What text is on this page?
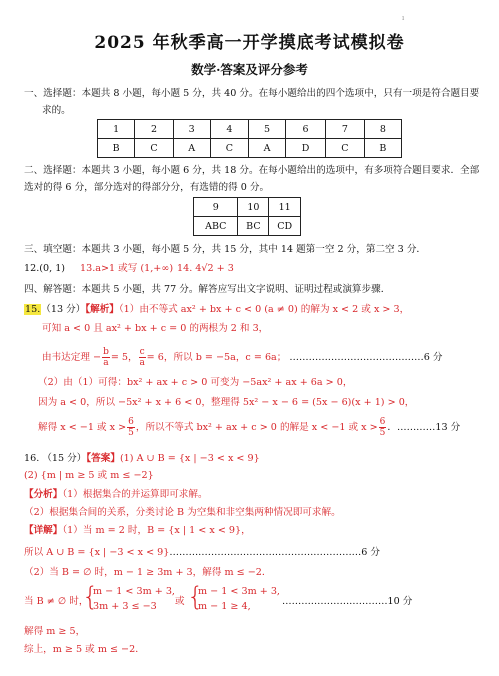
ı
2025 年秋季高一开学摸底考试模拟卷
数学·答案及评分参考
一、选择题：本题共 8 小题，每小题 5 分，共 40 分。在每小题给出的四个选项中，只有一项是符合题目要
求的。
1	2	3	4	5	6	7	8
B	C	A	C	A	D	C	B
二、选择题：本题共 3 小题，每小题 6 分，共 18 分。在每小题给出的选项中，有多项符合题目要求．全部
选对的得 6 分，部分选对的得部分分，有选错的得 0 分。
9	10	11
ABC	BC	CD
三、填空题：本题共 3 小题，每小题 5 分，共 15 分，其中 14 题第一空 2 分，第二空 3 分．
12.(0, 1) 13.a>1 或写 (1,+∞) 14. 4√2 + 3
四、解答题：本题共 5 小题，共 77 分。解答应写出文字说明、证明过程或演算步骤．
15.（13 分）【解析】（1）由不等式 ax² + bx + c < 0 (a ≠ 0) 的解为 x < 2 或 x > 3，
可知 a < 0 且 ax² + bx + c = 0 的两根为 2 和 3，
由韦达定理 − $\frac{b}{a} = 5$， $\frac{c}{a} = 6$，所以 b = −5a，c = 6a； ……………………………………6 分
（2）由（1）可得：bx² + ax + c > 0 可变为 −5ax² + ax + 6a > 0，
因为 a < 0，所以 −5x² + x + 6 < 0，整理得 5x² − x − 6 = (5x − 6)(x + 1) > 0，
解得 x < −1 或 $x > \frac{6}{5}$ ，所以不等式 bx² + ax + c > 0 的解是 x < −1 或 $x > \frac{6}{5}$ ．…………13 分
16. （15 分）【答案】(1) A ∪ B = {x | −3 < x < 9}
(2) {m | m ≥ 5 或 m ≤ −2}
【分析】（1）根据集合的并运算即可求解。
（2）根据集合间的关系，分类讨论 B 为空集和非空集两种情况即可求解。
【详解】（1）当 m = 2 时，B = {x | 1 < x < 9}，
所以 A ∪ B = {x | −3 < x < 9}……………………………………………………6 分
（2）当 B = ∅ 时，m − 1 ≥ 3m + 3，解得 m ≤ −2．
当 B ≠ ∅ 时，
{
m − 1 < 3m + 3,
3m + 3 ≤ −3	或 {
m − 1 < 3m + 3,
m − 1 ≥ 4,	……………………………10 分
解得 m ≥ 5，
综上，m ≥ 5 或 m ≤ −2．
